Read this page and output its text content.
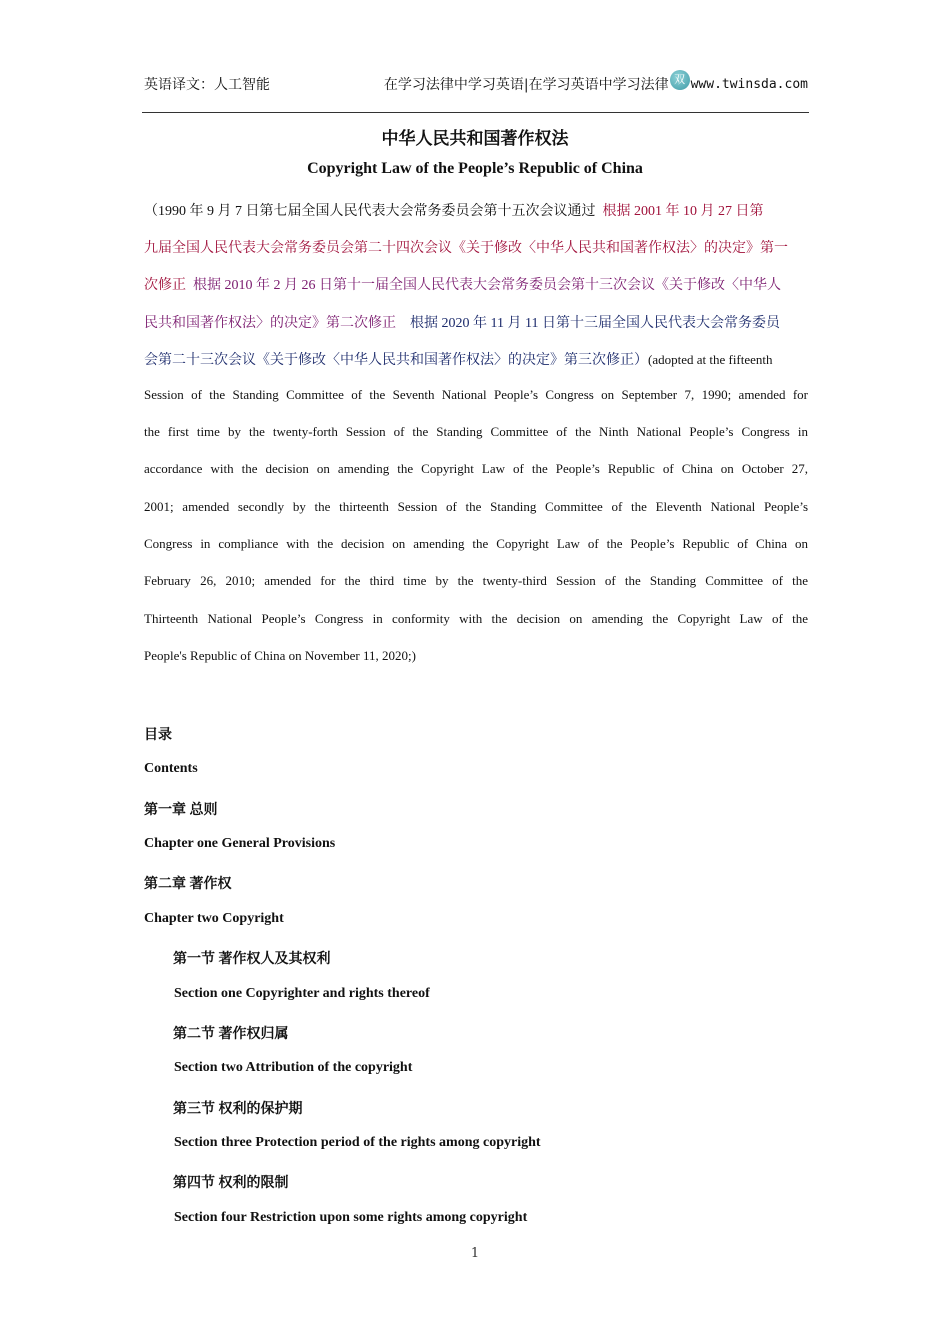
英语译文：人工智能	在学习法律中学习英语|在学习英语中学习法律 双 www.twinsda.com
中华人民共和国著作权法
Copyright Law of the People’s Republic of China
（1990 年 9 月 7 日第七届全国人民代表大会常务委员会第十五次会议通过 根据 2001 年 10 月 27 日第
九届全国人民代表大会常务委员会第二十四次会议《关于修改〈中华人民共和国著作权法〉的决定》第一
次修正 根据 2010 年 2 月 26 日第十一届全国人民代表大会常务委员会第十三次会议《关于修改〈中华人
民共和国著作权法〉的决定》第二次修正 根据 2020 年 11 月 11 日第十三届全国人民代表大会常务委员
会第二十三次会议《关于修改〈中华人民共和国著作权法〉的决定》第三次修正）(adopted at the fifteenth
Session of the Standing Committee of the Seventh National People’s Congress on September 7, 1990; amended for
the first time by the twenty-forth Session of the Standing Committee of the Ninth National People’s Congress in
accordance with the decision on amending the Copyright Law of the People’s Republic of China on October 27,
2001; amended secondly by the thirteenth Session of the Standing Committee of the Eleventh National People’s
Congress in compliance with the decision on amending the Copyright Law of the People’s Republic of China on
February 26, 2010; amended for the third time by the twenty-third Session of the Standing Committee of the
Thirteenth National People’s Congress in conformity with the decision on amending the Copyright Law of the
People's Republic of China on November 11, 2020;)
目录
Contents
第一章 总则
Chapter one General Provisions
第二章 著作权
Chapter two Copyright
第一节 著作权人及其权利
Section one Copyrighter and rights thereof
第二节 著作权归属
Section two Attribution of the copyright
第三节 权利的保护期
Section three Protection period of the rights among copyright
第四节 权利的限制
Section four Restriction upon some rights among copyright
1
